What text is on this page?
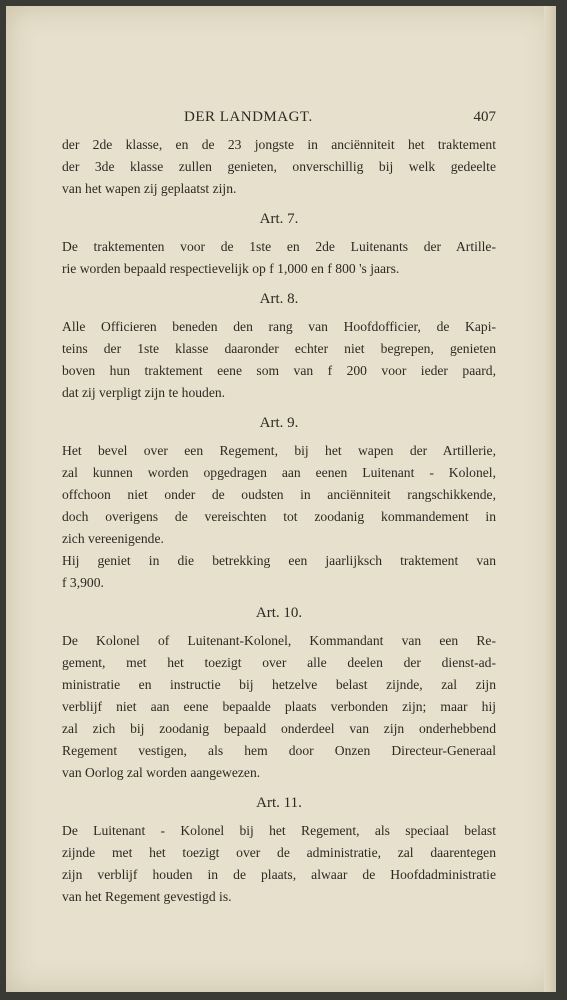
DER LANDMAGT.	407
der 2de klasse, en de 23 jongste in anciënniteit het traktement
der 3de klasse zullen genieten, onverschillig bij welk gedeelte
van het wapen zij geplaatst zijn.
Art. 7.
De traktementen voor de 1ste en 2de Luitenants der Artille-
rie worden bepaald respectievelijk op f 1,000 en f 800 's jaars.
Art. 8.
Alle Officieren beneden den rang van Hoofdofficier, de Kapi-
teins der 1ste klasse daaronder echter niet begrepen, genieten
boven hun traktement eene som van f 200 voor ieder paard,
dat zij verpligt zijn te houden.
Art. 9.
Het bevel over een Regement, bij het wapen der Artillerie,
zal kunnen worden opgedragen aan eenen Luitenant - Kolonel,
offchoon niet onder de oudsten in anciënniteit rangschikkende,
doch overigens de vereischten tot zoodanig kommandement in
zich vereenigende.
Hij geniet in die betrekking een jaarlijksch traktement van
f 3,900.
Art. 10.
De Kolonel of Luitenant-Kolonel, Kommandant van een Re-
gement, met het toezigt over alle deelen der dienst-ad-
ministratie en instructie bij hetzelve belast zijnde, zal zijn
verblijf niet aan eene bepaalde plaats verbonden zijn; maar hij
zal zich bij zoodanig bepaald onderdeel van zijn onderhebbend
Regement vestigen, als hem door Onzen Directeur-Generaal
van Oorlog zal worden aangewezen.
Art. 11.
De Luitenant - Kolonel bij het Regement, als speciaal belast
zijnde met het toezigt over de administratie, zal daarentegen
zijn verblijf houden in de plaats, alwaar de Hoofdadministratie
van het Regement gevestigd is.
